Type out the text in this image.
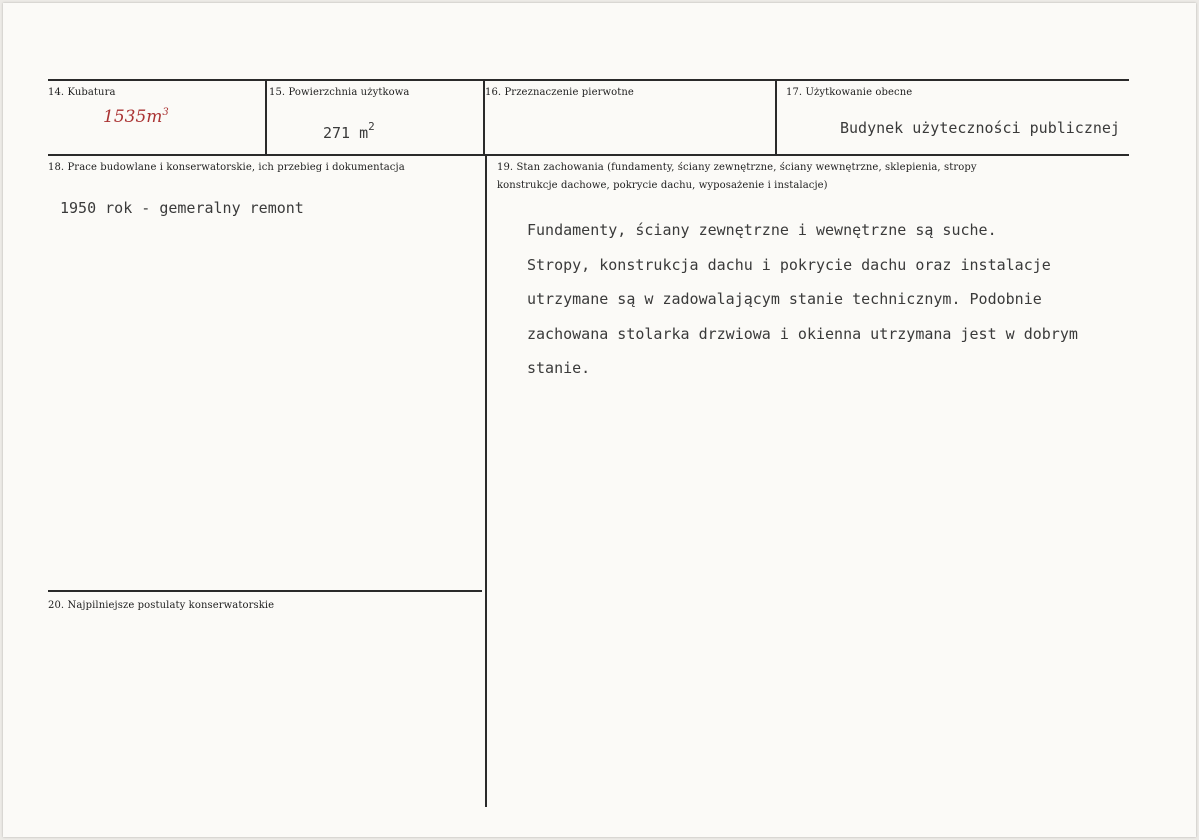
14. Kubatura
$1535m^3$
15. Powierzchnia użytkowa
271 $m^2$
16. Przeznaczenie pierwotne	17. Użytkowanie obecne
Budynek użyteczności publicznej
18. Prace budowlane i konserwatorskie, ich przebieg i dokumentacja
1950 rok - gemeralny remont
19. Stan zachowania (fundamenty, ściany zewnętrzne, ściany wewnętrzne, sklepienia, stropy
konstrukcje dachowe, pokrycie dachu, wyposażenie i instalacje)
Fundamenty, ściany zewnętrzne i wewnętrzne są suche.
Stropy, konstrukcja dachu i pokrycie dachu oraz instalacje
utrzymane są w zadowalającym stanie technicznym. Podobnie
zachowana stolarka drzwiowa i okienna utrzymana jest w dobrym
stanie.
20. Najpilniejsze postulaty konserwatorskie
